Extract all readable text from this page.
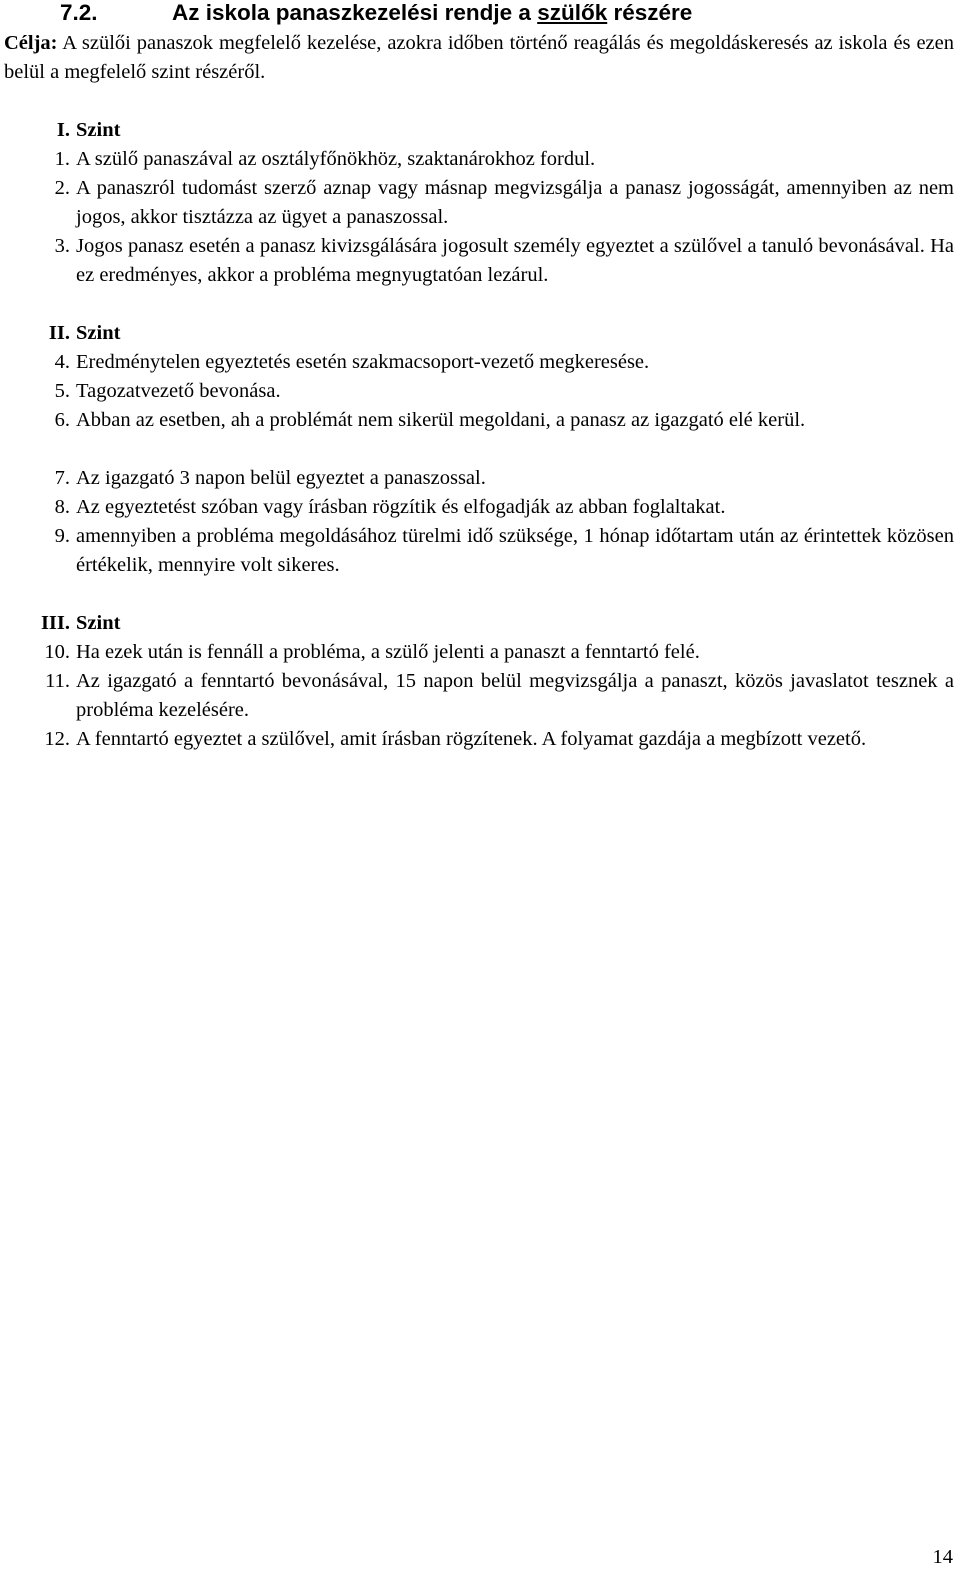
7.2.	Az iskola panaszkezelési rendje a szülők részére
Célja: A szülői panaszok megfelelő kezelése, azokra időben történő reagálás és megoldáskeresés az iskola és ezen belül a megfelelő szint részéről.
I. Szint
1. A szülő panaszával az osztályfőnökhöz, szaktanárokhoz fordul.
2. A panaszról tudomást szerző aznap vagy másnap megvizsgálja a panasz jogosságát, amennyiben az nem jogos, akkor tisztázza az ügyet a panaszossal.
3. Jogos panasz esetén a panasz kivizsgálására jogosult személy egyeztet a szülővel a tanuló bevonásával. Ha ez eredményes, akkor a probléma megnyugtatóan lezárul.
II. Szint
4. Eredménytelen egyeztetés esetén szakmacsoport-vezető megkeresése.
5. Tagozatvezető bevonása.
6. Abban az esetben, ah a problémát nem sikerül megoldani, a panasz az igazgató elé kerül.
7. Az igazgató 3 napon belül egyeztet a panaszossal.
8. Az egyeztetést szóban vagy írásban rögzítik és elfogadják az abban foglaltakat.
9. amennyiben a probléma megoldásához türelmi idő szüksége, 1 hónap időtartam után az érintettek közösen értékelik, mennyire volt sikeres.
III. Szint
10. Ha ezek után is fennáll a probléma, a szülő jelenti a panaszt a fenntartó felé.
11. Az igazgató a fenntartó bevonásával, 15 napon belül megvizsgálja a panaszt, közös javaslatot tesznek a probléma kezelésére.
12. A fenntartó egyeztet a szülővel, amit írásban rögzítenek. A folyamat gazdája a megbízott vezető.
14
